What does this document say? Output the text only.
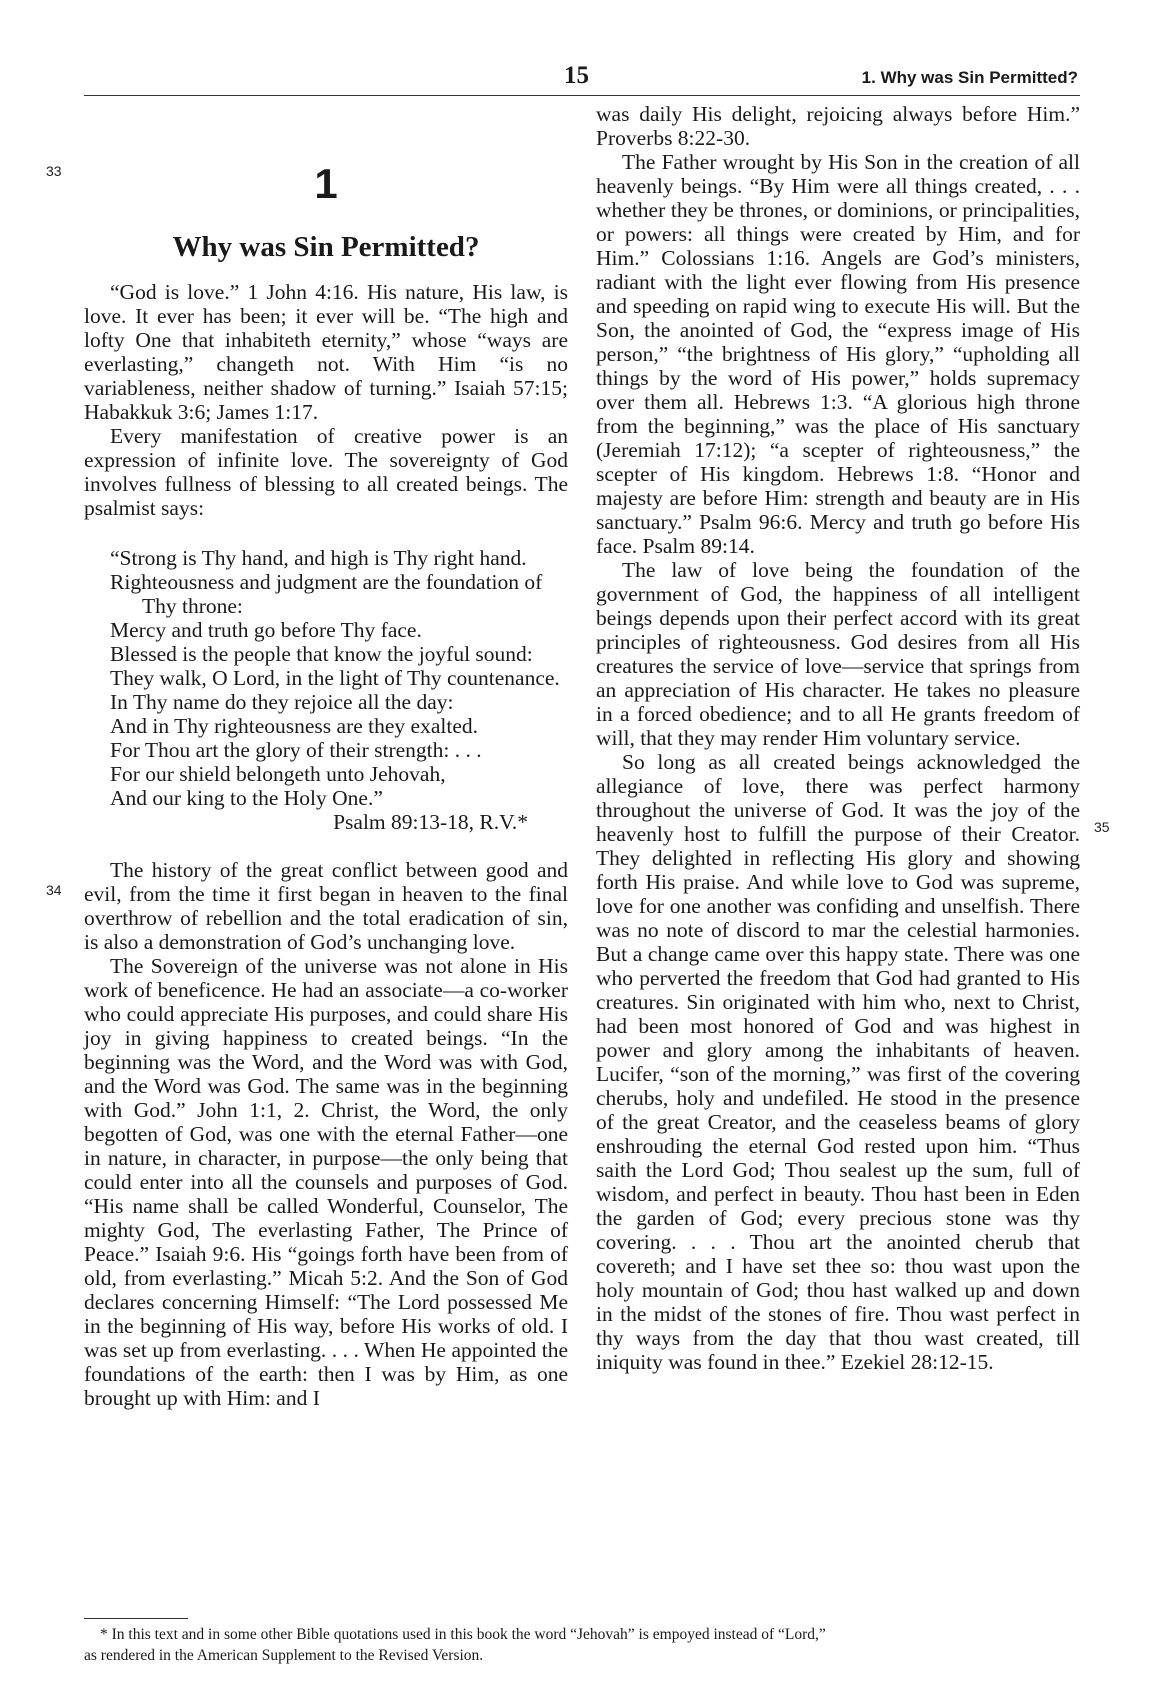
15	1. Why was Sin Permitted?
33
34
35
1
Why was Sin Permitted?

“God is love.” 1 John 4:16. His nature, His law, is love. It ever has been; it ever will be. “The high and lofty One that inhabiteth eternity,” whose “ways are everlasting,” changeth not. With Him “is no variableness, neither shadow of turning.” Isaiah 57:15; Habakkuk 3:6; James 1:17.

Every manifestation of creative power is an expression of infinite love. The sovereignty of God involves fullness of blessing to all created beings. The psalmist says:

“Strong is Thy hand, and high is Thy right hand.
Righteousness and judgment are the foundation of Thy throne:
Mercy and truth go before Thy face.
Blessed is the people that know the joyful sound:
They walk, O Lord, in the light of Thy countenance.
In Thy name do they rejoice all the day:
And in Thy righteousness are they exalted.
For Thou art the glory of their strength: . . .
For our shield belongeth unto Jehovah,
And our king to the Holy One.”
Psalm 89:13-18, R.V.*

The history of the great conflict between good and evil, from the time it first began in heaven to the final overthrow of rebellion and the total eradication of sin, is also a demonstration of God’s unchanging love.

The Sovereign of the universe was not alone in His work of beneficence. He had an associate—a co-worker who could appreciate His purposes, and could share His joy in giving happiness to created beings. “In the beginning was the Word, and the Word was with God, and the Word was God. The same was in the beginning with God.” John 1:1, 2. Christ, the Word, the only begotten of God, was one with the eternal Father—one in nature, in character, in purpose—the only being that could enter into all the counsels and purposes of God. “His name shall be called Wonderful, Counselor, The mighty God, The everlasting Father, The Prince of Peace.” Isaiah 9:6. His “goings forth have been from of old, from everlasting.” Micah 5:2. And the Son of God declares concerning Himself: “The Lord possessed Me in the beginning of His way, before His works of old. I was set up from everlasting. . . . When He appointed the foundations of the earth: then I was by Him, as one brought up with Him: and I

was daily His delight, rejoicing always before Him.” Proverbs 8:22-30.

The Father wrought by His Son in the creation of all heavenly beings. “By Him were all things created, . . . whether they be thrones, or dominions, or principalities, or powers: all things were created by Him, and for Him.” Colossians 1:16. Angels are God’s ministers, radiant with the light ever flowing from His presence and speeding on rapid wing to execute His will. But the Son, the anointed of God, the “express image of His person,” “the brightness of His glory,” “upholding all things by the word of His power,” holds supremacy over them all. Hebrews 1:3. “A glorious high throne from the beginning,” was the place of His sanctuary (Jeremiah 17:12); “a scepter of righteousness,” the scepter of His kingdom. Hebrews 1:8. “Honor and majesty are before Him: strength and beauty are in His sanctuary.” Psalm 96:6. Mercy and truth go before His face. Psalm 89:14.

The law of love being the foundation of the government of God, the happiness of all intelligent beings depends upon their perfect accord with its great principles of righteousness. God desires from all His creatures the service of love—service that springs from an appreciation of His character. He takes no pleasure in a forced obedience; and to all He grants freedom of will, that they may render Him voluntary service.

So long as all created beings acknowledged the allegiance of love, there was perfect harmony throughout the universe of God. It was the joy of the heavenly host to fulfill the purpose of their Creator. They delighted in reflecting His glory and showing forth His praise. And while love to God was supreme, love for one another was confiding and unselfish. There was no note of discord to mar the celestial harmonies. But a change came over this happy state. There was one who perverted the freedom that God had granted to His creatures. Sin originated with him who, next to Christ, had been most honored of God and was highest in power and glory among the inhabitants of heaven. Lucifer, “son of the morning,” was first of the covering cherubs, holy and undefiled. He stood in the presence of the great Creator, and the ceaseless beams of glory enshrouding the eternal God rested upon him. “Thus saith the Lord God; Thou sealest up the sum, full of wisdom, and perfect in beauty. Thou hast been in Eden the garden of God; every precious stone was thy covering. . . . Thou art the anointed cherub that covereth; and I have set thee so: thou wast upon the holy mountain of God; thou hast walked up and down in the midst of the stones of fire. Thou wast perfect in thy ways from the day that thou wast created, till iniquity was found in thee.” Ezekiel 28:12-15.

* In this text and in some other Bible quotations used in this book the word “Jehovah” is empoyed instead of “Lord,”
as rendered in the American Supplement to the Revised Version.
